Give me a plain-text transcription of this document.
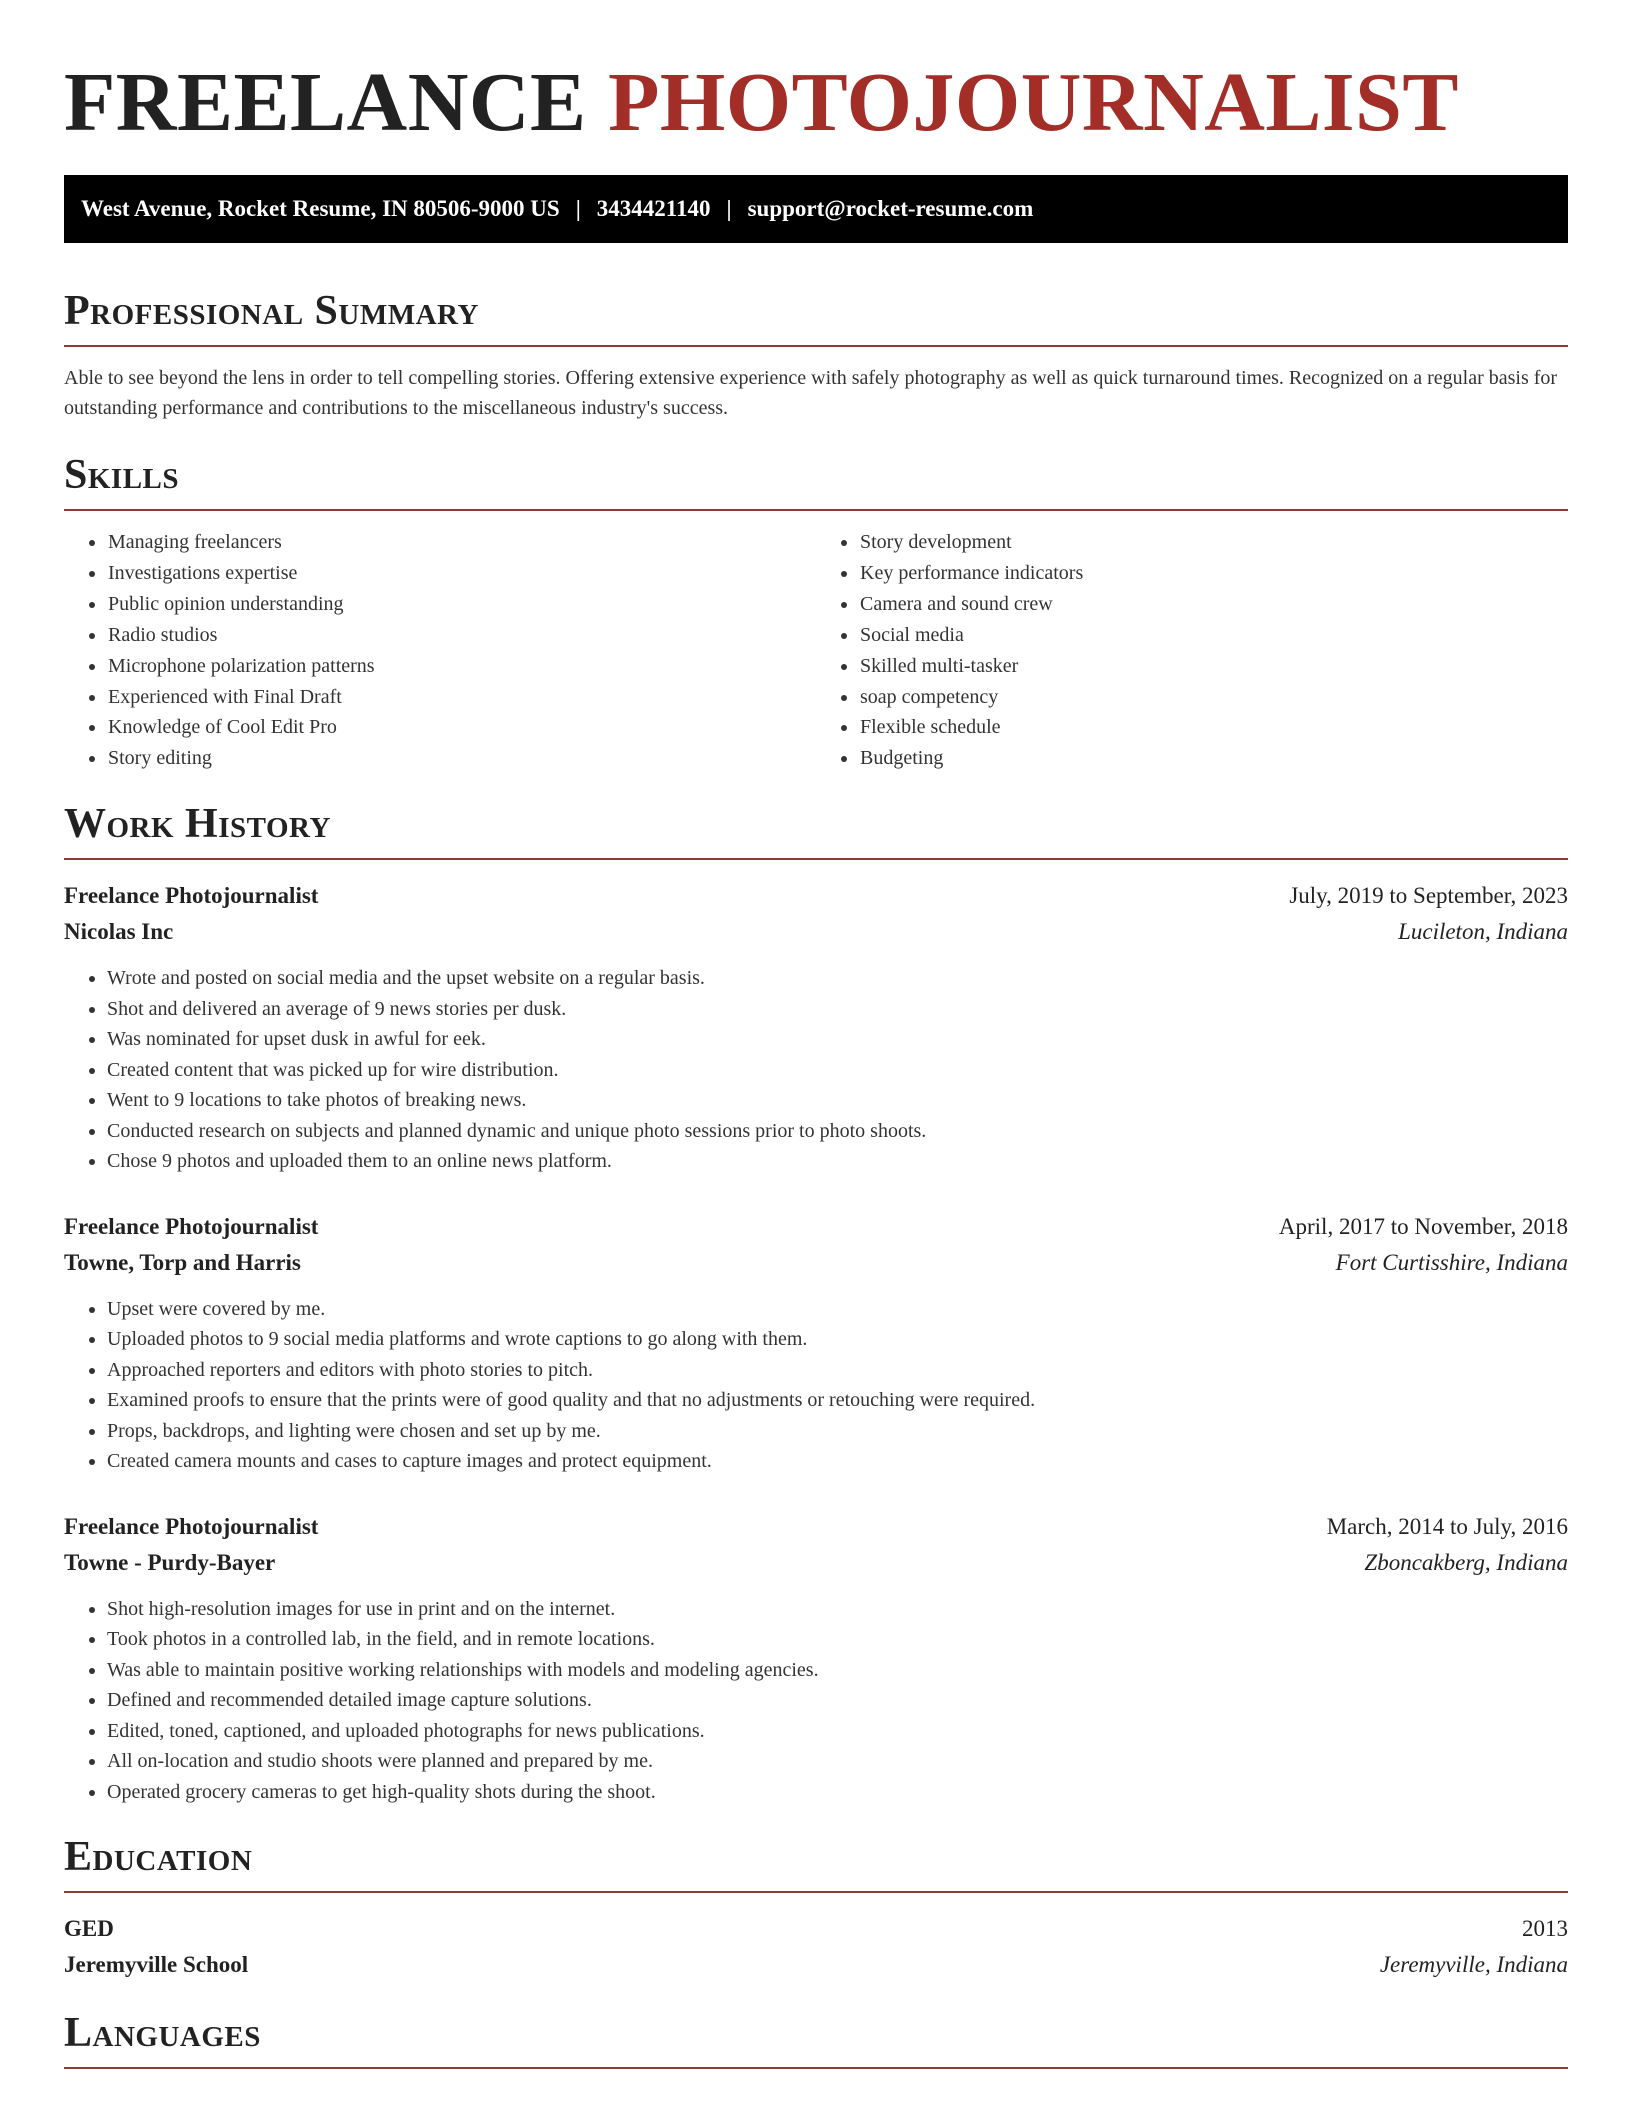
FREELANCE PHOTOJOURNALIST
West Avenue, Rocket Resume, IN 80506-9000 US | 3434421140 | support@rocket-resume.com
Professional Summary

Able to see beyond the lens in order to tell compelling stories. Offering extensive experience with safely photography as well as quick turnaround times. Recognized on a regular basis for outstanding performance and contributions to the miscellaneous industry's success.

Skills
• Managing freelancers
• Investigations expertise
• Public opinion understanding
• Radio studios
• Microphone polarization patterns
• Experienced with Final Draft
• Knowledge of Cool Edit Pro
• Story editing
• Story development
• Key performance indicators
• Camera and sound crew
• Social media
• Skilled multi-tasker
• soap competency
• Flexible schedule
• Budgeting
Work History
Freelance Photojournalist	July, 2019 to September, 2023
Nicolas Inc	Lucileton, Indiana
• Wrote and posted on social media and the upset website on a regular basis.
• Shot and delivered an average of 9 news stories per dusk.
• Was nominated for upset dusk in awful for eek.
• Created content that was picked up for wire distribution.
• Went to 9 locations to take photos of breaking news.
• Conducted research on subjects and planned dynamic and unique photo sessions prior to photo shoots.
• Chose 9 photos and uploaded them to an online news platform.
Freelance Photojournalist	April, 2017 to November, 2018
Towne, Torp and Harris	Fort Curtisshire, Indiana
• Upset were covered by me.
• Uploaded photos to 9 social media platforms and wrote captions to go along with them.
• Approached reporters and editors with photo stories to pitch.
• Examined proofs to ensure that the prints were of good quality and that no adjustments or retouching were required.
• Props, backdrops, and lighting were chosen and set up by me.
• Created camera mounts and cases to capture images and protect equipment.
Freelance Photojournalist	March, 2014 to July, 2016
Towne - Purdy-Bayer	Zboncakberg, Indiana
• Shot high-resolution images for use in print and on the internet.
• Took photos in a controlled lab, in the field, and in remote locations.
• Was able to maintain positive working relationships with models and modeling agencies.
• Defined and recommended detailed image capture solutions.
• Edited, toned, captioned, and uploaded photographs for news publications.
• All on-location and studio shoots were planned and prepared by me.
• Operated grocery cameras to get high-quality shots during the shoot.
Education
GED	2013
Jeremyville School	Jeremyville, Indiana
Languages
